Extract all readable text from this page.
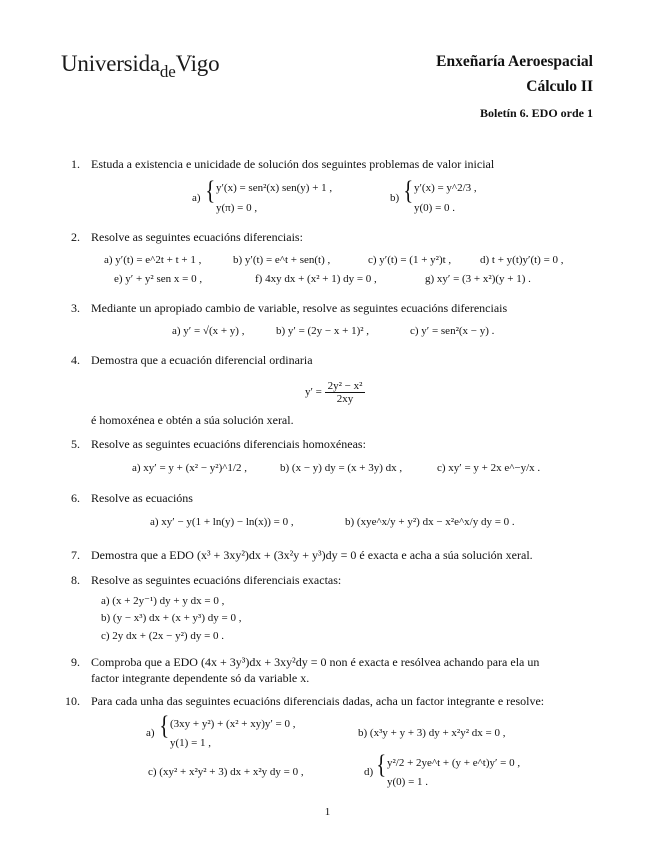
Universida$_{de}$Vigo	Enxeñaría Aeroespacial
Cálculo II
Boletín 6. EDO orde 1
1. Estuda a existencia e unicidade de solución dos seguintes problemas de valor inicial
a) { y′(x) = sen²(x) sen(y) + 1 ,
y(π) = 0 ,
b) { y′(x) = y^2/3 ,
y(0) = 0 .
2. Resolve as seguintes ecuacións diferenciais:
a) y′(t) = e^2t + t + 1 ,	b) y′(t) = e^t + sen(t) ,	c) y′(t) = (1 + y²)t ,	d) t + y(t)y′(t) = 0 ,
e) y′ + y² sen x = 0 ,	f) 4xy dx + (x² + 1) dy = 0 ,	g) xy′ = (3 + x²)(y + 1) .
3. Mediante un apropiado cambio de variable, resolve as seguintes ecuacións diferenciais
a) y′ = √(x + y) ,	b) y′ = (2y − x + 1)² ,	c) y′ = sen²(x − y) .
4. Demostra que a ecuación diferencial ordinaria
$y' = \frac{\text{2y² − x²}}{2xy}$
é homoxénea e obtén a súa solución xeral.
5. Resolve as seguintes ecuacións diferenciais homoxéneas:
a) xy′ = y + (x² − y²)^1/2 ,	b) (x − y) dy = (x + 3y) dx ,	c) xy′ = y + 2x e^−y/x .
6. Resolve as ecuacións
a) xy′ − y(1 + ln(y) − ln(x)) = 0 ,	b) (xye^x/y + y²) dx − x²e^x/y dy = 0 .
7. Demostra que a EDO (x³ + 3xy²)dx + (3x²y + y³)dy = 0 é exacta e acha a súa solución xeral.
8. Resolve as seguintes ecuacións diferenciais exactas:
a) (x + 2y⁻¹) dy + y dx = 0 ,
b) (y − x³) dx + (x + y³) dy = 0 ,
c) 2y dx + (2x − y²) dy = 0 .
9. Comproba que a EDO (4x + 3y³)dx + 3xy²dy = 0 non é exacta e resólvea achando para ela un
factor integrante dependente só da variable x.
10. Para cada unha das seguintes ecuacións diferenciais dadas, acha un factor integrante e resolve:
a) { (3xy + y²) + (x² + xy)y′ = 0 ,
y(1) = 1 ,
b) (x³y + y + 3) dy + x²y² dx = 0 ,
c) (xy² + x²y² + 3) dx + x²y dy = 0 ,	d) { y²/2 + 2ye^t + (y + e^t)y′ = 0 ,
y(0) = 1 .
1
